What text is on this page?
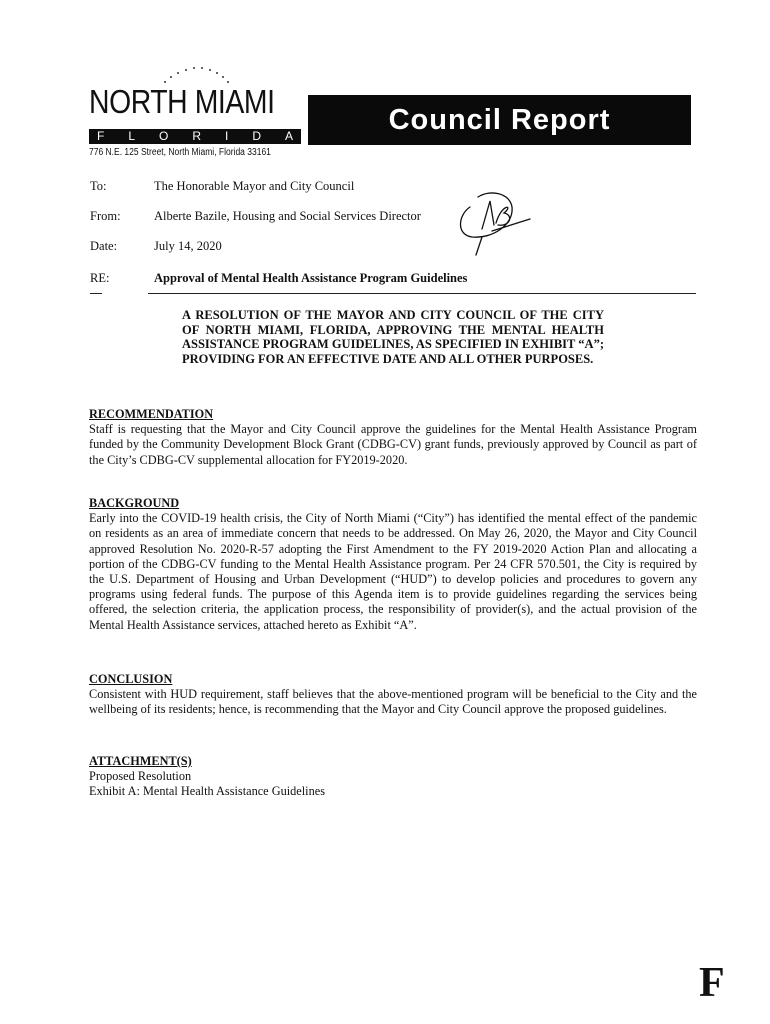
NORTH MIAMI
F L O R I D A
776 N.E. 125 Street, North Miami, Florida 33161
Council Report
To:	The Honorable Mayor and City Council
From:	Alberte Bazile, Housing and Social Services Director
Date:	July 14, 2020
RE:	Approval of Mental Health Assistance Program Guidelines
A RESOLUTION OF THE MAYOR AND CITY COUNCIL OF THE CITY OF NORTH MIAMI, FLORIDA, APPROVING THE MENTAL HEALTH ASSISTANCE PROGRAM GUIDELINES, AS SPECIFIED IN EXHIBIT “A”; PROVIDING FOR AN EFFECTIVE DATE AND ALL OTHER PURPOSES.
RECOMMENDATION
Staff is requesting that the Mayor and City Council approve the guidelines for the Mental Health Assistance Program funded by the Community Development Block Grant (CDBG-CV) grant funds, previously approved by Council as part of the City’s CDBG-CV supplemental allocation for FY2019-2020.
BACKGROUND
Early into the COVID-19 health crisis, the City of North Miami (“City”) has identified the mental effect of the pandemic on residents as an area of immediate concern that needs to be addressed. On May 26, 2020, the Mayor and City Council approved Resolution No. 2020-R-57 adopting the First Amendment to the FY 2019-2020 Action Plan and allocating a portion of the CDBG-CV funding to the Mental Health Assistance program. Per 24 CFR 570.501, the City is required by the U.S. Department of Housing and Urban Development (“HUD”) to develop policies and procedures to govern any programs using federal funds. The purpose of this Agenda item is to provide guidelines regarding the services being offered, the selection criteria, the application process, the responsibility of provider(s), and the actual provision of the Mental Health Assistance services, attached hereto as Exhibit “A”.
CONCLUSION
Consistent with HUD requirement, staff believes that the above-mentioned program will be beneficial to the City and the wellbeing of its residents; hence, is recommending that the Mayor and City Council approve the proposed guidelines.
ATTACHMENT(S)
Proposed Resolution
Exhibit A: Mental Health Assistance Guidelines
F
